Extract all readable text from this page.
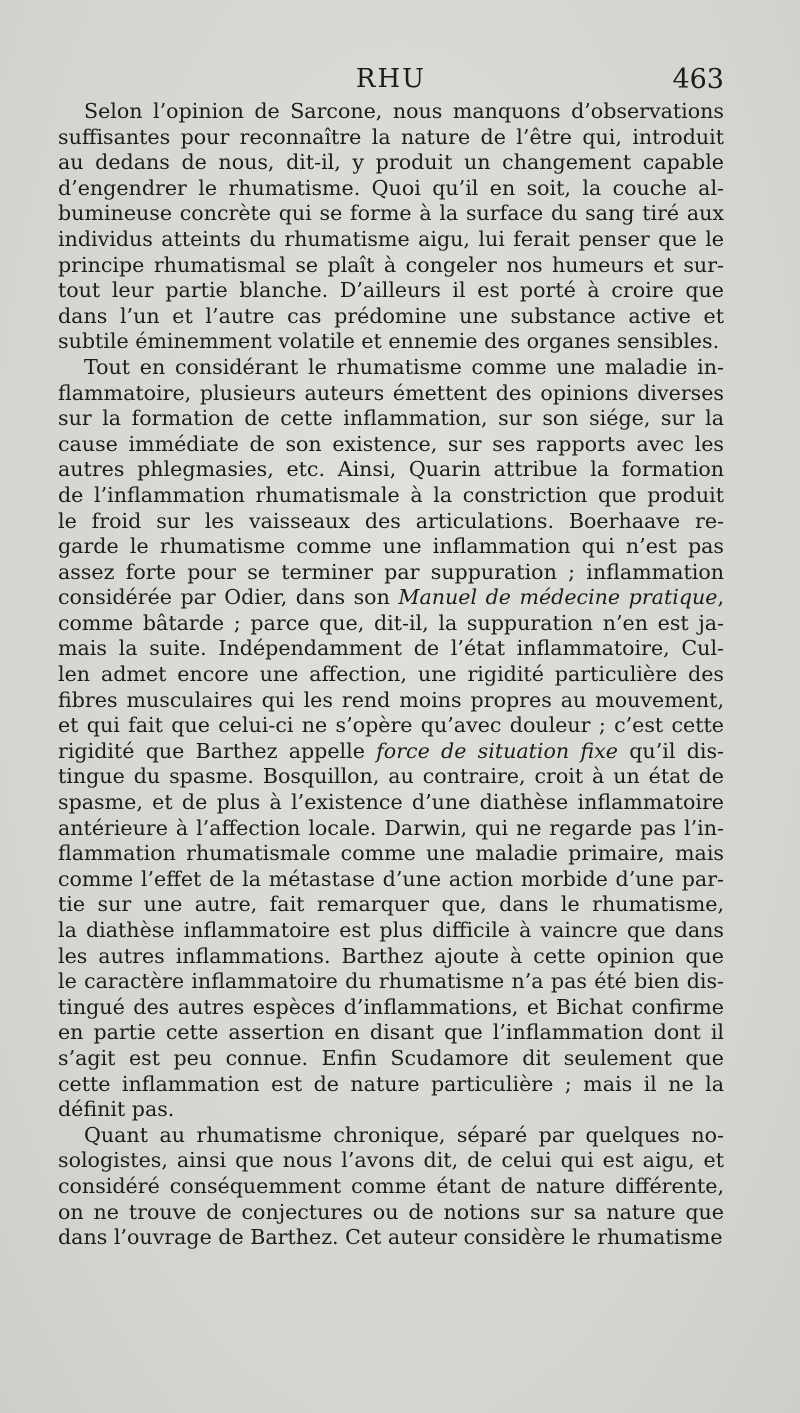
RHU	463
Selon l’opinion de Sarcone, nous manquons d’observations
suffisantes pour reconnaître la nature de l’être qui, introduit
au dedans de nous, dit-il, y produit un changement capable
d’engendrer le rhumatisme. Quoi qu’il en soit, la couche al-
bumineuse concrète qui se forme à la surface du sang tiré aux
individus atteints du rhumatisme aigu, lui ferait penser que le
principe rhumatismal se plaît à congeler nos humeurs et sur-
tout leur partie blanche. D’ailleurs il est porté à croire que
dans l’un et l’autre cas prédomine une substance active et
subtile éminemment volatile et ennemie des organes sensibles.
Tout en considérant le rhumatisme comme une maladie in-
flammatoire, plusieurs auteurs émettent des opinions diverses
sur la formation de cette inflammation, sur son siége, sur la
cause immédiate de son existence, sur ses rapports avec les
autres phlegmasies, etc. Ainsi, Quarin attribue la formation
de l’inflammation rhumatismale à la constriction que produit
le froid sur les vaisseaux des articulations. Boerhaave re-
garde le rhumatisme comme une inflammation qui n’est pas
assez forte pour se terminer par suppuration ; inflammation
considérée par Odier, dans son Manuel de médecine pratique,
comme bâtarde ; parce que, dit-il, la suppuration n’en est ja-
mais la suite. Indépendamment de l’état inflammatoire, Cul-
len admet encore une affection, une rigidité particulière des
fibres musculaires qui les rend moins propres au mouvement,
et qui fait que celui-ci ne s’opère qu’avec douleur ; c’est cette
rigidité que Barthez appelle force de situation fixe qu’il dis-
tingue du spasme. Bosquillon, au contraire, croit à un état de
spasme, et de plus à l’existence d’une diathèse inflammatoire
antérieure à l’affection locale. Darwin, qui ne regarde pas l’in-
flammation rhumatismale comme une maladie primaire, mais
comme l’effet de la métastase d’une action morbide d’une par-
tie sur une autre, fait remarquer que, dans le rhumatisme,
la diathèse inflammatoire est plus difficile à vaincre que dans
les autres inflammations. Barthez ajoute à cette opinion que
le caractère inflammatoire du rhumatisme n’a pas été bien dis-
tingué des autres espèces d’inflammations, et Bichat confirme
en partie cette assertion en disant que l’inflammation dont il
s’agit est peu connue. Enfin Scudamore dit seulement que
cette inflammation est de nature particulière ; mais il ne la
définit pas.
Quant au rhumatisme chronique, séparé par quelques no-
sologistes, ainsi que nous l’avons dit, de celui qui est aigu, et
considéré conséquemment comme étant de nature différente,
on ne trouve de conjectures ou de notions sur sa nature que
dans l’ouvrage de Barthez. Cet auteur considère le rhumatisme
